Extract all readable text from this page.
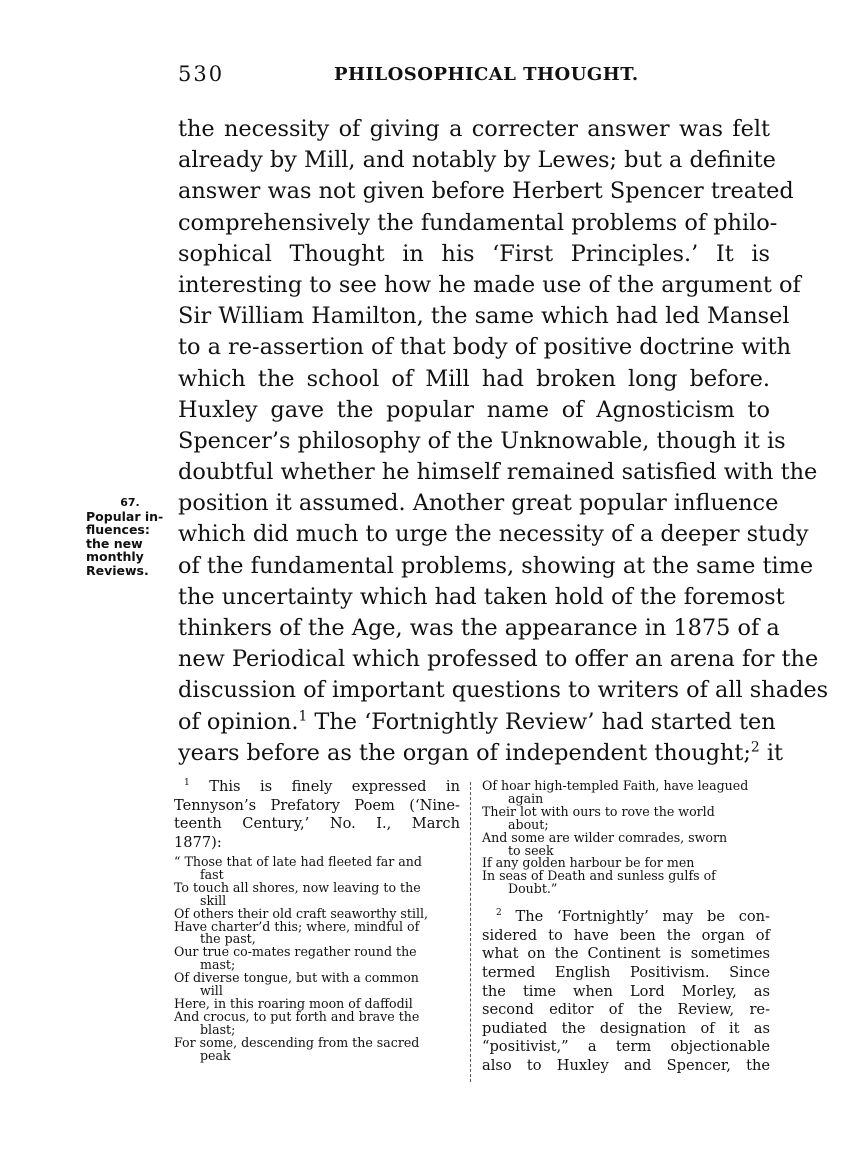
530	PHILOSOPHICAL THOUGHT.
the necessity of giving a correcter answer was felt
already by Mill, and notably by Lewes; but a definite
answer was not given before Herbert Spencer treated
comprehensively the fundamental problems of philo-
sophical Thought in his ‘First Principles.’ It is
interesting to see how he made use of the argument of
Sir William Hamilton, the same which had led Mansel
to a re-assertion of that body of positive doctrine with
which the school of Mill had broken long before.
Huxley gave the popular name of Agnosticism to
Spencer’s philosophy of the Unknowable, though it is
doubtful whether he himself remained satisfied with the
position it assumed. Another great popular influence
which did much to urge the necessity of a deeper study
of the fundamental problems, showing at the same time
the uncertainty which had taken hold of the foremost
thinkers of the Age, was the appearance in 1875 of a
new Periodical which professed to offer an arena for the
discussion of important questions to writers of all shades
of opinion.$^1$ The ‘Fortnightly Review’ had started ten
years before as the organ of independent thought;$^2$ it
67.
Popular in-
fluences:
the new
monthly
Reviews.
$^1$ This is finely expressed in
Tennyson’s Prefatory Poem (‘Nine-
teenth Century,’ No. I., March
1877):
“ Those that of late had fleeted far and
fast
To touch all shores, now leaving to the
skill
Of others their old craft seaworthy still,
Have charter’d this; where, mindful of
the past,
Our true co-mates regather round the
mast;
Of diverse tongue, but with a common
will
Here, in this roaring moon of daffodil
And crocus, to put forth and brave the
blast;
For some, descending from the sacred
peak
Of hoar high-templed Faith, have leagued
again
Their lot with ours to rove the world
about;
And some are wilder comrades, sworn
to seek
If any golden harbour be for men
In seas of Death and sunless gulfs of
Doubt.”
$^2$ The ‘Fortnightly’ may be con-
sidered to have been the organ of
what on the Continent is sometimes
termed English Positivism. Since
the time when Lord Morley, as
second editor of the Review, re-
pudiated the designation of it as
“positivist,” a term objectionable
also to Huxley and Spencer, the
